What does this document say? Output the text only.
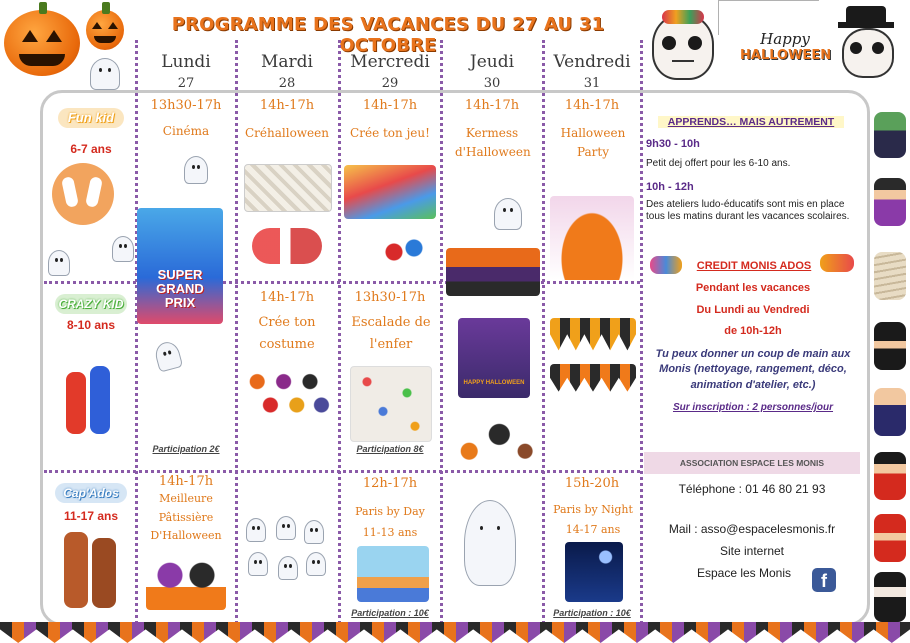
PROGRAMME DES VACANCES DU 27 AU 31 OCTOBRE	Happy
HALLOWEEN
Lundi
27
Mardi
28
Mercredi
29
Jeudi
30
Vendredi
31
Fun kid
6-7 ans
CRAZY KID
8-10 ans
Cap'Ados
11-17 ans
13h30-17h
Cinéma
SUPER GRAND PRIX
14h-17h
Créhalloween
14h-17h
Crée ton jeu!
14h-17h
Kermess d'Halloween
14h-17h
Halloween Party
Participation 2€
14h-17h
Crée ton costume
13h30-17h
Escalade de l'enfer
Participation 8€
HAPPY HALLOWEEN
14h-17h
Meilleure Pâtissière D'Halloween
12h-17h
Paris by Day 11-13 ans
Participation : 10€
15h-20h
Paris by Night 14-17 ans
Participation : 10€
APPRENDS… MAIS AUTREMENT
9h30 - 10h
Petit dej offert pour les 6-10 ans.
10h - 12h
Des ateliers ludo-éducatifs sont mis en place tous les matins durant les vacances scolaires.
CREDIT MONIS ADOS
Pendant les vacances
Du Lundi au Vendredi
de 10h-12h
Tu peux donner un coup de main aux Monis (nettoyage, rangement, déco, animation d'atelier, etc.)
Sur inscription : 2 personnes/jour
ASSOCIATION ESPACE LES MONIS
Téléphone : 01 46 80 21 93
Mail : asso@espacelesmonis.fr
Site internet
Espace les Monis	f
